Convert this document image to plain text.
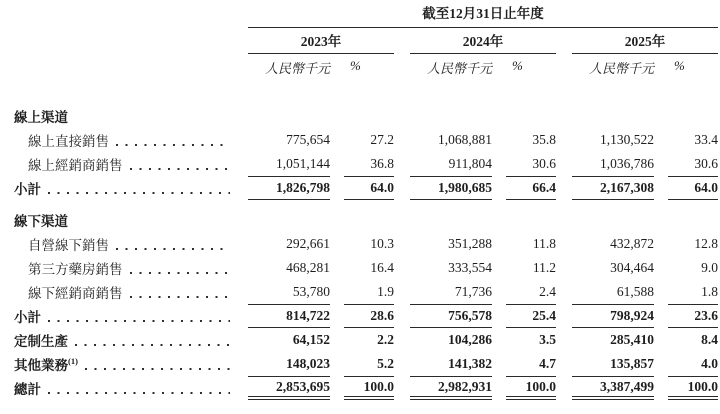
截至12月31日止年度
2023年	2024年	2025年
人民幣千元	%	人民幣千元	%	人民幣千元	%
線上渠道
線上直接銷售	775,654	27.2	1,068,881	35.8	1,130,522	33.4
線上經銷商銷售	1,051,144	36.8	911,804	30.6	1,036,786	30.6
小計	1,826,798	64.0	1,980,685	66.4	2,167,308	64.0
線下渠道
自營線下銷售	292,661	10.3	351,288	11.8	432,872	12.8
第三方藥房銷售	468,281	16.4	333,554	11.2	304,464	9.0
線下經銷商銷售	53,780	1.9	71,736	2.4	61,588	1.8
小計	814,722	28.6	756,578	25.4	798,924	23.6
定制生產	64,152	2.2	104,286	3.5	285,410	8.4
其他業務 (1)	148,023	5.2	141,382	4.7	135,857	4.0
總計	2,853,695	100.0	2,982,931	100.0	3,387,499	100.0
